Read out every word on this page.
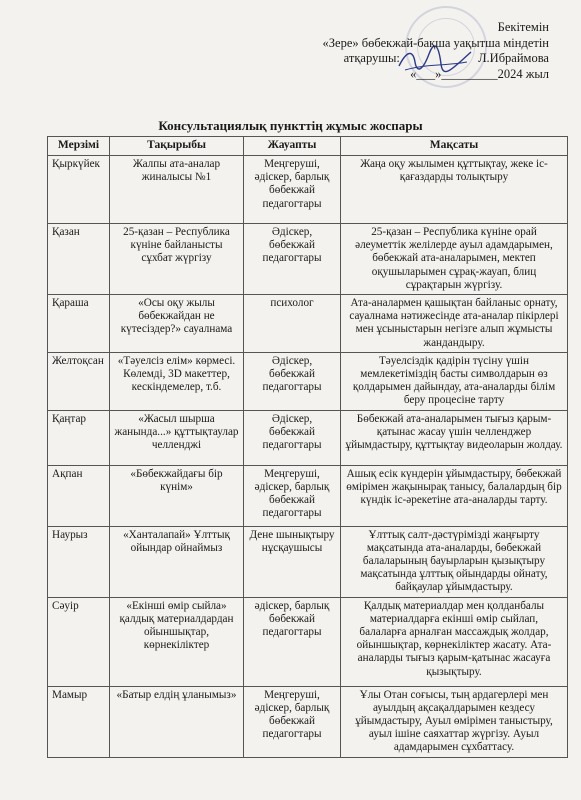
Бекітемін
«Зере» бөбекжай-бақша уақытша міндетін
атқарушы:	Л.Ибраймова
«___»_________2024 жыл
Консультациялық пункттің жұмыс жоспары
Мерзімі	Тақырыбы	Жауапты	Мақсаты
Қыркүйек	Жалпы ата-аналар жиналысы №1	Меңгеруші, әдіскер, барлық бөбекжай педагогтары	Жаңа оқу жылымен құттықтау, жеке іс-қағаздарды толықтыру
Қазан	25-қазан – Республика күніне байланысты сұхбат жүргізу	Әдіскер, бөбекжай педагогтары	25-қазан – Республика күніне орай әлеуметтік желілерде ауыл адамдарымен, бөбекжай ата-аналарымен, мектеп оқушыларымен сұрақ-жауап, блиц сұрақтарын жүргізу.
Қараша	«Осы оқу жылы бөбекжайдан не күтесіздер?» сауалнама	психолог	Ата-аналармен қашықтан байланыс орнату, сауалнама нәтижесінде ата-аналар пікірлері мен ұсыныстарын негізге алып жұмысты жандандыру.
Желтоқсан	«Тәуелсіз елім» көрмесі. Көлемді, 3D макеттер, кескіндемелер, т.б.	Әдіскер, бөбекжай педагогтары	Тәуелсіздік қадірін түсіну үшін мемлекетіміздің басты символдарын өз қолдарымен дайындау, ата-аналарды білім беру процесіне тарту
Қаңтар	«Жасыл шырша жанында...» құттықтаулар челленджі	Әдіскер, бөбекжай педагогтары	Бөбекжай ата-аналарымен тығыз қарым-қатынас жасау үшін челленджер ұйымдастыру, құттықтау видеоларын жолдау.
Ақпан	«Бөбекжайдағы бір күнім»	Меңгеруші, әдіскер, барлық бөбекжай педагогтары	Ашық есік күндерін ұйымдастыру, бөбекжай өмірімен жақынырақ танысу, балалардың бір күндік іс-әрекетіне ата-аналарды тарту.
Наурыз	«Ханталапай» Ұлттық ойындар ойнаймыз	Дене шынықтыру нұсқаушысы	Ұлттық салт-дәстүрімізді жаңғырту мақсатында ата-аналарды, бөбекжай балаларының бауырларын қызықтыру мақсатында ұлттық ойындарды ойнату, байқаулар ұйымдастыру.
Сәуір	«Екінші өмір сыйла» қалдық материалдардан ойыншықтар, көрнекіліктер	әдіскер, барлық бөбекжай педагогтары	Қалдық материалдар мен қолданбалы материалдарға екінші өмір сыйлап, балаларға арналған массаждық жолдар, ойыншықтар, көрнекіліктер жасату. Ата-аналарды тығыз қарым-қатынас жасауға қызықтыру.
Мамыр	«Батыр елдің ұланымыз»	Меңгеруші, әдіскер, барлық бөбекжай педагогтары	Ұлы Отан соғысы, тың ардагерлері мен ауылдың ақсақалдарымен кездесу ұйымдастыру, Ауыл өмірімен таныстыру, ауыл ішіне саяхаттар жүргізу. Ауыл адамдарымен сұхбаттасу.
